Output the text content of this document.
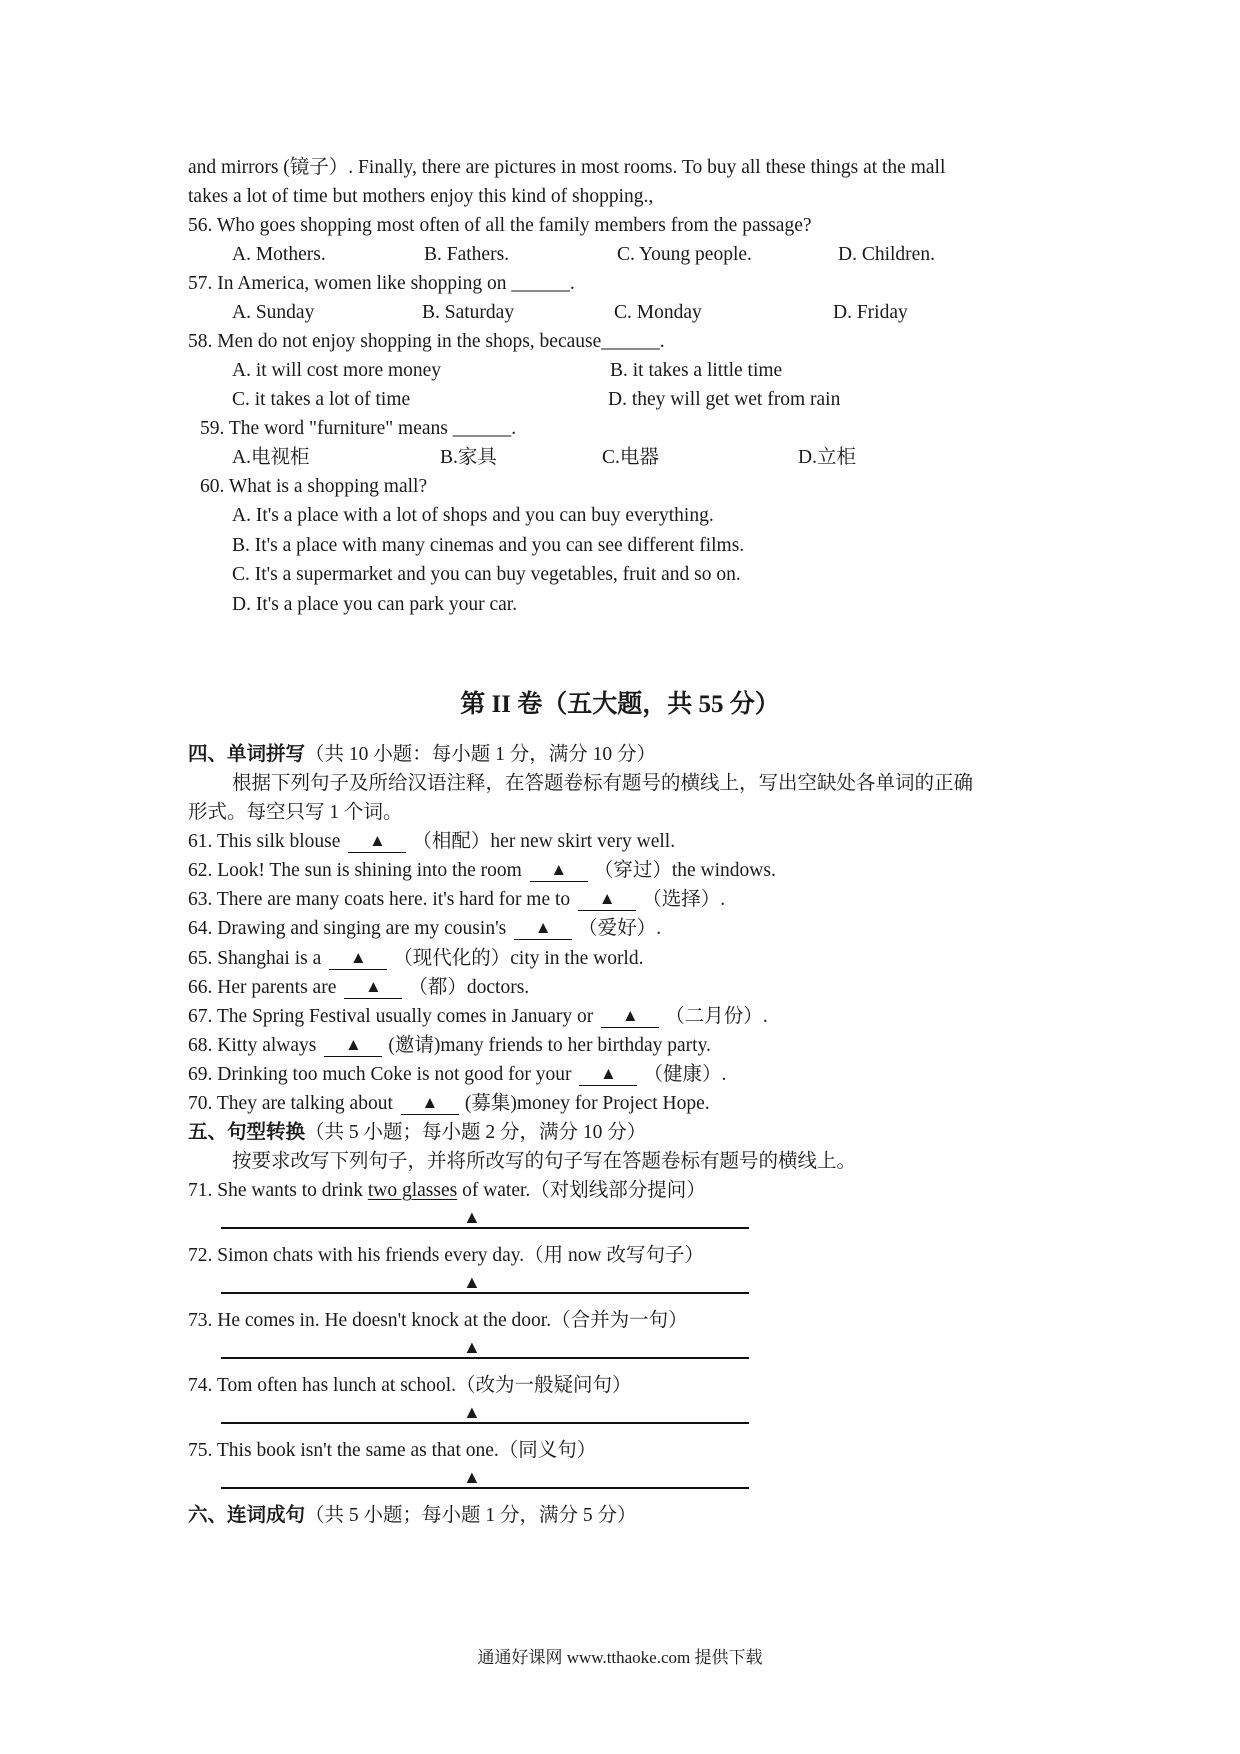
and mirrors (镜子）. Finally, there are pictures in most rooms. To buy all these things at the mall
takes a lot of time but mothers enjoy this kind of shopping.,
56. Who goes shopping most often of all the family members from the passage?
A. Mothers.	B. Fathers.	C. Young people.	D. Children.
57. In America, women like shopping on ______.
A. Sunday	B. Saturday	C. Monday	D. Friday
58. Men do not enjoy shopping in the shops, because______.
A. it will cost more money	B. it takes a little time
C. it takes a lot of time	D. they will get wet from rain
59. The word "furniture" means ______.
A.电视柜	B.家具	C.电器	D.立柜
60. What is a shopping mall?
A. It's a place with a lot of shops and you can buy everything.
B. It's a place with many cinemas and you can see different films.
C. It's a supermarket and you can buy vegetables, fruit and so on.
D. It's a place you can park your car.
第 II 卷（五大题，共 55 分）
四、单词拼写（共 10 小题：每小题 1 分，满分 10 分）
根据下列句子及所给汉语注释，在答题卷标有题号的横线上，写出空缺处各单词的正确
形式。每空只写 1 个词。
61. This silk blouse ▲ （相配）her new skirt very well.
62. Look! The sun is shining into the room ▲ （穿过）the windows.
63. There are many coats here. it's hard for me to ▲ （选择）.
64. Drawing and singing are my cousin's ▲ （爱好）.
65. Shanghai is a ▲ （现代化的）city in the world.
66. Her parents are ▲ （都）doctors.
67. The Spring Festival usually comes in January or ▲ （二月份）.
68. Kitty always ▲ (邀请)many friends to her birthday party.
69. Drinking too much Coke is not good for your ▲ （健康）.
70. They are talking about ▲ (募集)money for Project Hope.
五、句型转换（共 5 小题；每小题 2 分，满分 10 分）
按要求改写下列句子，并将所改写的句子写在答题卷标有题号的横线上。
71. She wants to drink two glasses of water.（对划线部分提问）
▲
72. Simon chats with his friends every day.（用 now 改写句子）
▲
73. He comes in. He doesn't knock at the door.（合并为一句）
▲
74. Tom often has lunch at school.（改为一般疑问句）
▲
75. This book isn't the same as that one.（同义句）
▲
六、连词成句（共 5 小题；每小题 1 分，满分 5 分）
通通好课网 www.tthaoke.com 提供下载
